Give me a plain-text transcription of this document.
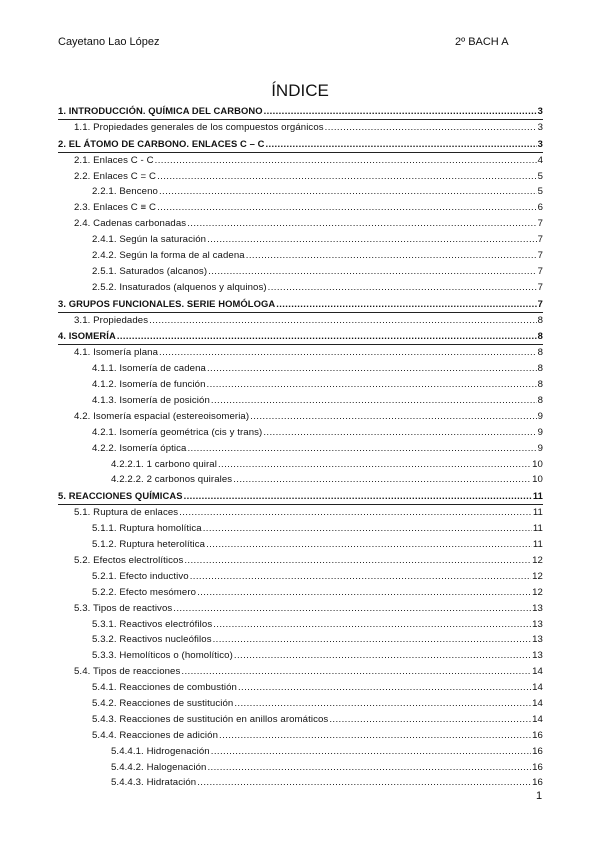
Cayetano Lao López	2º BACH A
ÍNDICE
1. INTRODUCCIÓN. QUÍMICA DEL CARBONO .....	3
1.1. Propiedades generales de los compuestos orgánicos .....	3
2. EL ÁTOMO DE CARBONO. ENLACES C – C .....	3
2.1. Enlaces C - C .....	4
2.2. Enlaces C = C .....	5
2.2.1. Benceno .....	5
2.3. Enlaces C ≡ C .....	6
2.4. Cadenas carbonadas .....	7
2.4.1. Según la saturación .....	7
2.4.2. Según la forma de al cadena .....	7
2.5.1. Saturados (alcanos) .....	7
2.5.2. Insaturados (alquenos y alquinos) .....	7
3. GRUPOS FUNCIONALES. SERIE HOMÓLOGA .....	7
3.1. Propiedades .....	8
4. ISOMERÍA .....	8
4.1. Isomería plana .....	8
4.1.1. Isomería de cadena .....	8
4.1.2. Isomería de función .....	8
4.1.3. Isomería de posición .....	8
4.2. Isomería espacial (estereoisomeria) .....	9
4.2.1. Isomería geométrica (cis y trans) .....	9
4.2.2. Isomería óptica .....	9
4.2.2.1. 1 carbono quiral .....	10
4.2.2.2. 2 carbonos quirales .....	10
5. REACCIONES QUÍMICAS .....	11
5.1. Ruptura de enlaces .....	11
5.1.1. Ruptura homolítica .....	11
5.1.2. Ruptura heterolítica .....	11
5.2. Efectos electrolíticos .....	12
5.2.1. Efecto inductivo .....	12
5.2.2. Efecto mesómero .....	12
5.3. Tipos de reactivos .....	13
5.3.1. Reactivos electrófilos .....	13
5.3.2. Reactivos nucleófilos .....	13
5.3.3. Hemolíticos o (homolítico) .....	13
5.4. Tipos de reacciones .....	14
5.4.1. Reacciones de combustión .....	14
5.4.2. Reacciones de sustitución .....	14
5.4.3. Reacciones de sustitución en anillos aromáticos .....	14
5.4.4. Reacciones de adición .....	16
5.4.4.1. Hidrogenación .....	16
5.4.4.2. Halogenación .....	16
5.4.4.3. Hidratación .....	16
1
